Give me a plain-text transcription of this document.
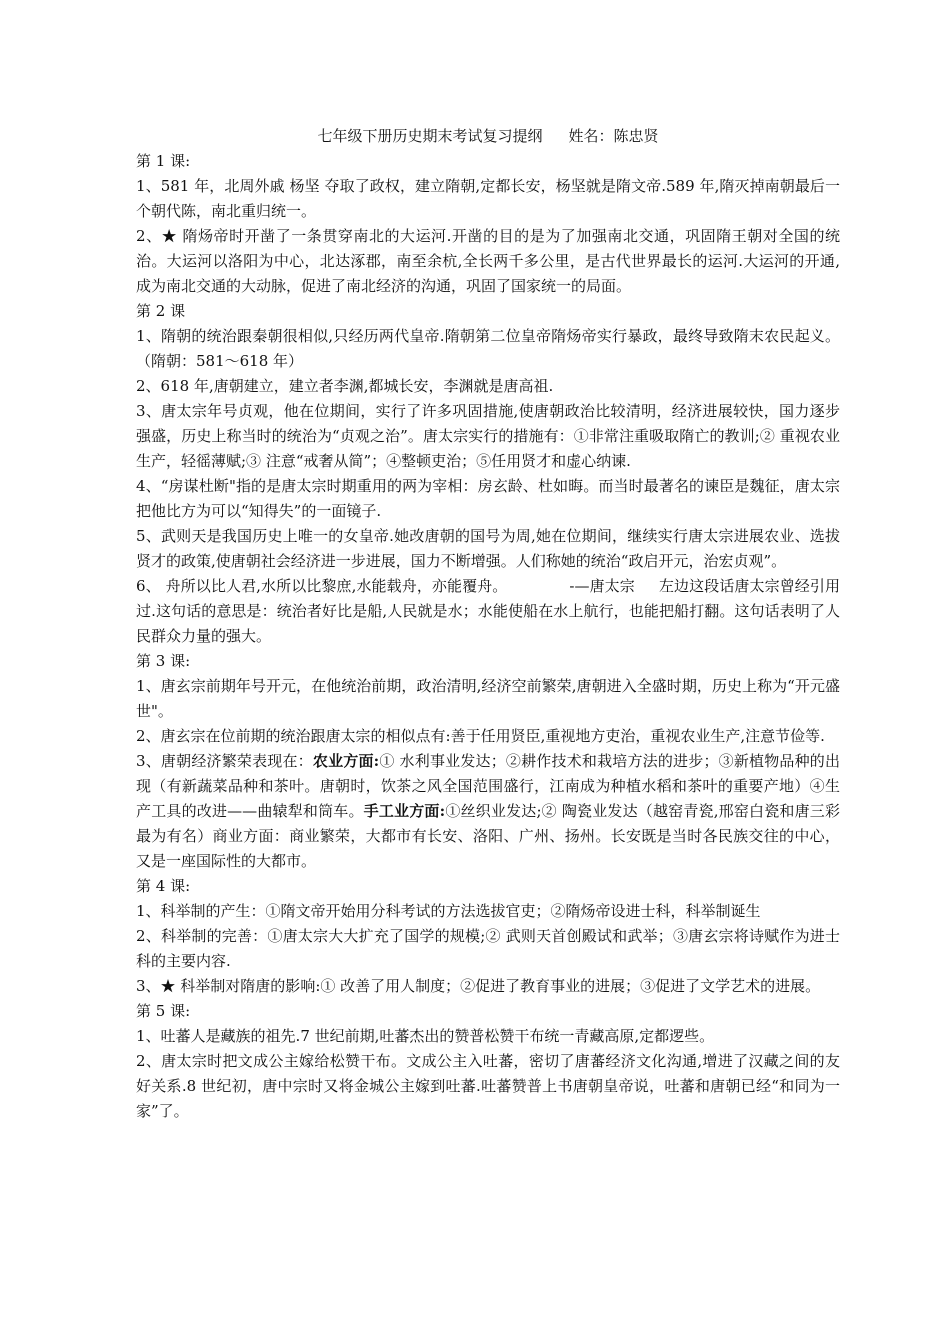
七年级下册历史期末考试复习提纲 姓名：陈忠贤
第 1 课:
1、581 年，北周外戚 杨坚 夺取了政权，建立隋朝,定都长安，杨坚就是隋文帝.589 年,隋灭掉南朝最后一个朝代陈，南北重归统一。
2、★ 隋炀帝时开凿了一条贯穿南北的大运河.开凿的目的是为了加强南北交通，巩固隋王朝对全国的统治。大运河以洛阳为中心，北达涿郡，南至余杭,全长两千多公里，是古代世界最长的运河.大运河的开通,成为南北交通的大动脉，促进了南北经济的沟通，巩固了国家统一的局面。
第 2 课
1、隋朝的统治跟秦朝很相似,只经历两代皇帝.隋朝第二位皇帝隋炀帝实行暴政，最终导致隋末农民起义。（隋朝：581～618 年）
2、618 年,唐朝建立，建立者李渊,都城长安，李渊就是唐高祖.
3、唐太宗年号贞观，他在位期间，实行了许多巩固措施,使唐朝政治比较清明，经济进展较快，国力逐步强盛，历史上称当时的统治为“贞观之治”。唐太宗实行的措施有：①非常注重吸取隋亡的教训;② 重视农业生产，轻徭薄赋;③ 注意“戒奢从简”；④整顿吏治；⑤任用贤才和虚心纳谏.
4、“房谋杜断"指的是唐太宗时期重用的两为宰相：房玄龄、杜如晦。而当时最著名的谏臣是魏征，唐太宗把他比方为可以“知得失”的一面镜子.
5、武则天是我国历史上唯一的女皇帝.她改唐朝的国号为周,她在位期间，继续实行唐太宗进展农业、选拔贤才的政策,使唐朝社会经济进一步进展，国力不断增强。人们称她的统治“政启开元，治宏贞观”。
6、 舟所以比人君,水所以比黎庶,水能载舟，亦能覆舟。	-—唐太宗 左边这段话唐太宗曾经引用过.这句话的意思是：统治者好比是船,人民就是水；水能使船在水上航行，也能把船打翻。这句话表明了人民群众力量的强大。
第 3 课:
1、唐玄宗前期年号开元，在他统治前期，政治清明,经济空前繁荣,唐朝进入全盛时期，历史上称为“开元盛世"。
2、唐玄宗在位前期的统治跟唐太宗的相似点有:善于任用贤臣,重视地方吏治，重视农业生产,注意节俭等.
3、唐朝经济繁荣表现在：农业方面:① 水利事业发达；②耕作技术和栽培方法的进步；③新植物品种的出现（有新蔬菜品种和茶叶。唐朝时，饮茶之风全国范围盛行，江南成为种植水稻和茶叶的重要产地）④生产工具的改进——曲辕犁和筒车。手工业方面:①丝织业发达;② 陶瓷业发达（越窑青瓷,邢窑白瓷和唐三彩最为有名）商业方面：商业繁荣，大都市有长安、洛阳、广州、扬州。长安既是当时各民族交往的中心，又是一座国际性的大都市。
第 4 课:
1、科举制的产生：①隋文帝开始用分科考试的方法选拔官吏；②隋炀帝设进士科，科举制诞生
2、科举制的完善：①唐太宗大大扩充了国学的规模;② 武则天首创殿试和武举；③唐玄宗将诗赋作为进士科的主要内容.
3、★ 科举制对隋唐的影响:① 改善了用人制度；②促进了教育事业的进展；③促进了文学艺术的进展。
第 5 课:
1、吐蕃人是藏族的祖先.7 世纪前期,吐蕃杰出的赞普松赞干布统一青藏高原,定都逻些。
2、唐太宗时把文成公主嫁给松赞干布。文成公主入吐蕃，密切了唐蕃经济文化沟通,增进了汉藏之间的友好关系.8 世纪初，唐中宗时又将金城公主嫁到吐蕃.吐蕃赞普上书唐朝皇帝说，吐蕃和唐朝已经“和同为一家”了。
